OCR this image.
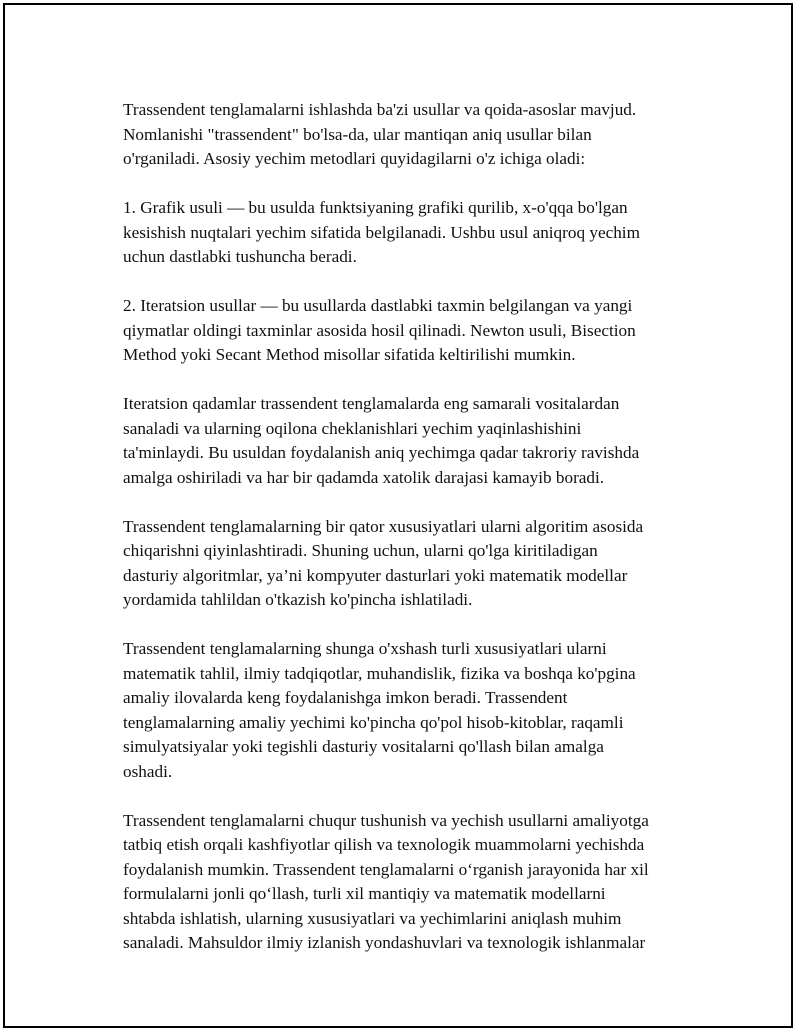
Trassendent tenglamalarni ishlashda ba'zi usullar va qoida-asoslar mavjud.
Nomlanishi "trassendent" bo'lsa-da, ular mantiqan aniq usullar bilan
o'rganiladi. Asosiy yechim metodlari quyidagilarni o'z ichiga oladi:

1. Grafik usuli — bu usulda funktsiyaning grafiki qurilib, x-o'qqa bo'lgan
kesishish nuqtalari yechim sifatida belgilanadi. Ushbu usul aniqroq yechim
uchun dastlabki tushuncha beradi.

2. Iteratsion usullar — bu usullarda dastlabki taxmin belgilangan va yangi
qiymatlar oldingi taxminlar asosida hosil qilinadi. Newton usuli, Bisection
Method yoki Secant Method misollar sifatida keltirilishi mumkin.

Iteratsion qadamlar trassendent tenglamalarda eng samarali vositalardan
sanaladi va ularning oqilona cheklanishlari yechim yaqinlashishini
ta'minlaydi. Bu usuldan foydalanish aniq yechimga qadar takroriy ravishda
amalga oshiriladi va har bir qadamda xatolik darajasi kamayib boradi.

Trassendent tenglamalarning bir qator xususiyatlari ularni algoritim asosida
chiqarishni qiyinlashtiradi. Shuning uchun, ularni qo'lga kiritiladigan
dasturiy algoritmlar, ya’ni kompyuter dasturlari yoki matematik modellar
yordamida tahlildan o'tkazish ko'pincha ishlatiladi.

Trassendent tenglamalarning shunga o'xshash turli xususiyatlari ularni
matematik tahlil, ilmiy tadqiqotlar, muhandislik, fizika va boshqa ko'pgina
amaliy ilovalarda keng foydalanishga imkon beradi. Trassendent
tenglamalarning amaliy yechimi ko'pincha qo'pol hisob-kitoblar, raqamli
simulyatsiyalar yoki tegishli dasturiy vositalarni qo'llash bilan amalga
oshadi.

Trassendent tenglamalarni chuqur tushunish va yechish usullarni amaliyotga
tatbiq etish orqali kashfiyotlar qilish va texnologik muammolarni yechishda
foydalanish mumkin. Trassendent tenglamalarni o‘rganish jarayonida har xil
formulalarni jonli qo‘llash, turli xil mantiqiy va matematik modellarni
shtabda ishlatish, ularning xususiyatlari va yechimlarini aniqlash muhim
sanaladi. Mahsuldor ilmiy izlanish yondashuvlari va texnologik ishlanmalar
